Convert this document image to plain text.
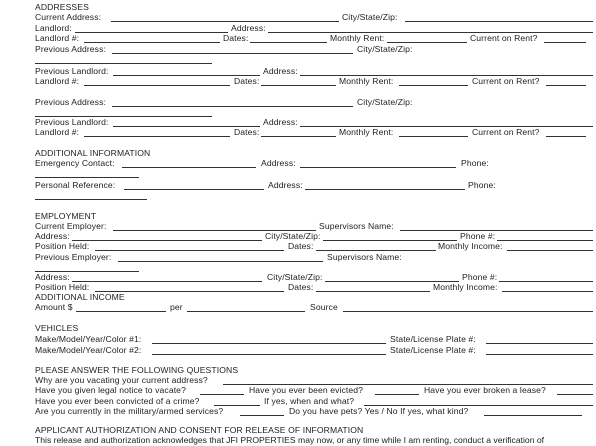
ADDRESSES
Current Address:	City/State/Zip:
Landlord:	Address:
Landlord #:	Dates:	Monthly Rent:	Current on Rent?
Previous Address:	City/State/Zip:
Previous Landlord:	Address:
Landlord #:	Dates:	Monthly Rent:	Current on Rent?
Previous Address:	City/State/Zip:
Previous Landlord:	Address:
Landlord #:	Dates:	Monthly Rent:	Current on Rent?
ADDITIONAL INFORMATION
Emergency Contact:	Address:	Phone:
Personal Reference:	Address:	Phone:
EMPLOYMENT
Current Employer:	Supervisors Name:
Address:	City/State/Zip:	Phone #:
Position Held:	Dates:	Monthly Income:
Previous Employer:	Supervisors Name:
Address:	City/State/Zip:	Phone #:
Position Held:	Dates:	Monthly Income:
ADDITIONAL INCOME
Amount $	per	Source
VEHICLES
Make/Model/Year/Color #1:	State/License Plate #:
Make/Model/Year/Color #2:	State/License Plate #:
PLEASE ANSWER THE FOLLOWING QUESTIONS
Why are you vacating your current address?
Have you given legal notice to vacate?	Have you ever been evicted?	Have you ever broken a lease?
Have you ever been convicted of a crime?	If yes, when and what?
Are you currently in the military/armed services?	Do you have pets? Yes / No If yes, what kind?
APPLICANT AUTHORIZATION AND CONSENT FOR RELEASE OF INFORMATION
This release and authorization acknowledges that JFI PROPERTIES may now, or any time while I am renting, conduct a verification of
